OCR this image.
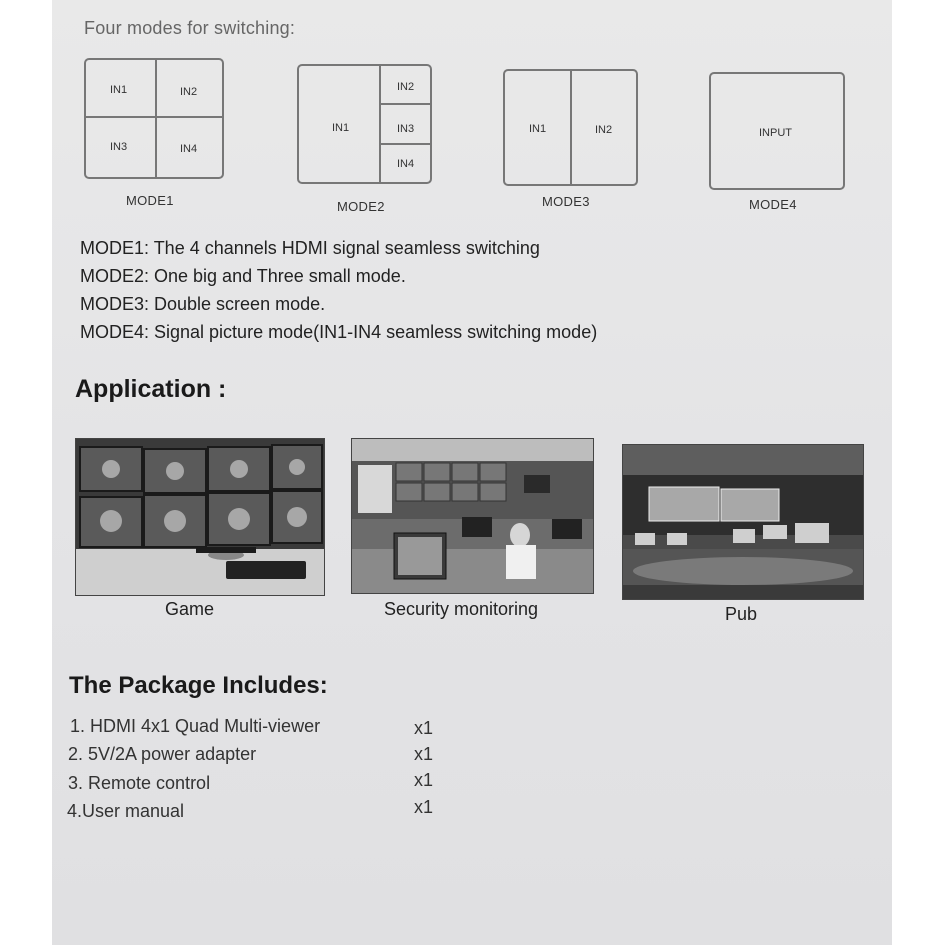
Four modes for switching:
IN1	IN2
IN3	IN4
MODE1
IN1
IN2
IN3
IN4
MODE2
IN1	IN2
MODE3
INPUT
MODE4
MODE1: The 4 channels HDMI signal seamless switching
MODE2: One big and Three small mode.
MODE3: Double screen mode.
MODE4: Signal picture mode(IN1-IN4 seamless switching mode)
Application :
Game	Security monitoring	Pub
The Package Includes:
1. HDMI 4x1 Quad Multi-viewer	x1
2. 5V/2A power adapter	x1
3. Remote control	x1
4.User manual	x1
